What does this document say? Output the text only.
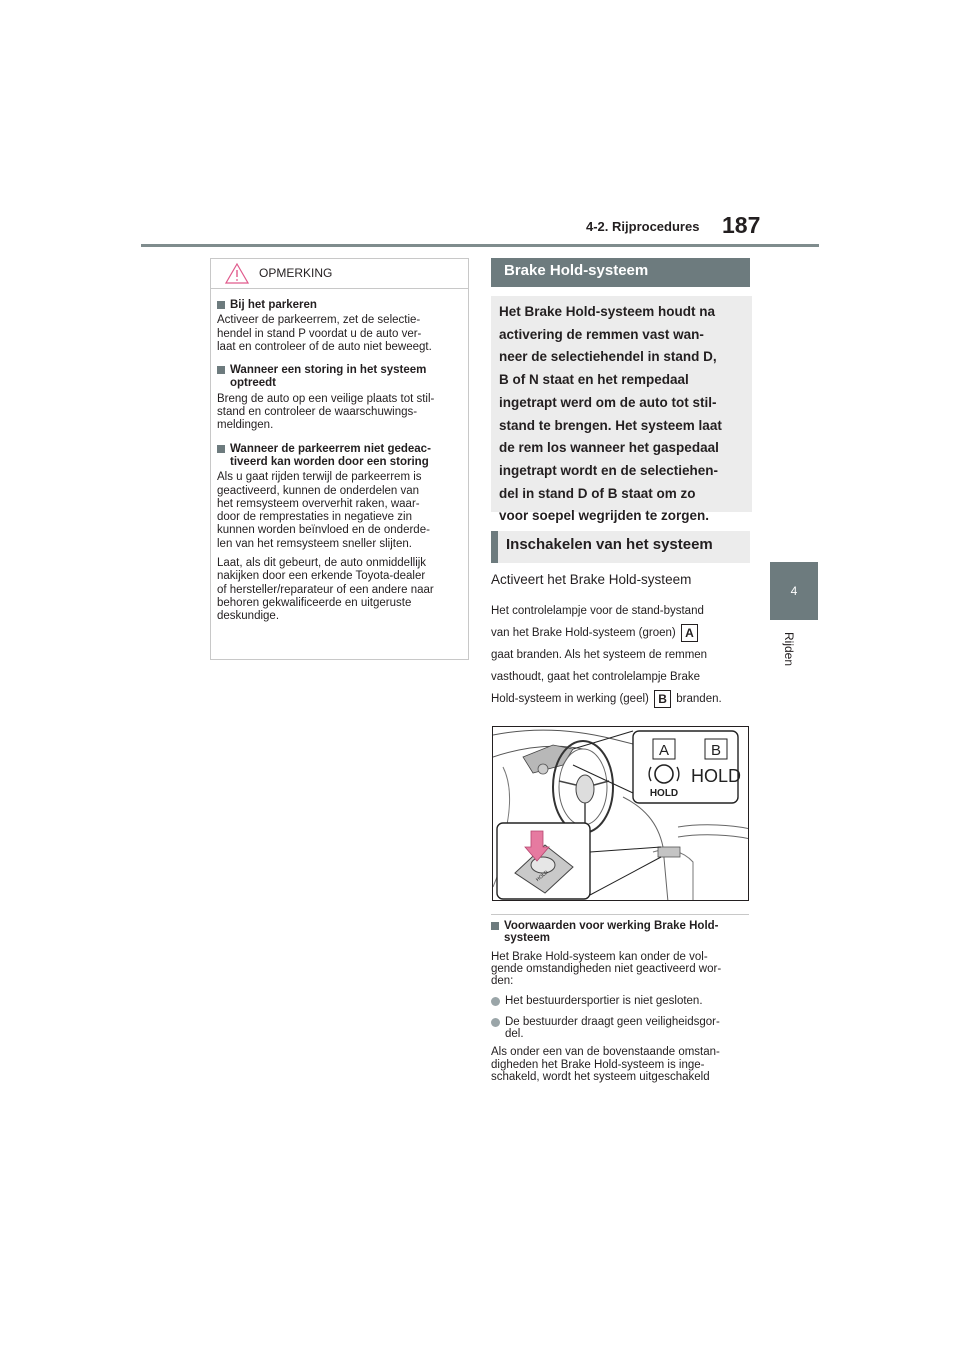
4-2. Rijprocedures 187
4
Rijden
OPMERKING
Bij het parkeren
Activeer de parkeerrem, zet de selectie-
hendel in stand P voordat u de auto ver-
laat en controleer of de auto niet beweegt.
Wanneer een storing in het systeem
optreedt
Breng de auto op een veilige plaats tot stil-
stand en controleer de waarschuwings-
meldingen.
Wanneer de parkeerrem niet gedeac-
tiveerd kan worden door een storing
Als u gaat rijden terwijl de parkeerrem is
geactiveerd, kunnen de onderdelen van
het remsysteem oververhit raken, waar-
door de remprestaties in negatieve zin
kunnen worden beïnvloed en de onderde-
len van het remsysteem sneller slijten.
Laat, als dit gebeurt, de auto onmiddellijk
nakijken door een erkende Toyota-dealer
of hersteller/reparateur of een andere naar
behoren gekwalificeerde en uitgeruste
deskundige.
Brake Hold-systeem
Het Brake Hold-systeem houdt na
activering de remmen vast wan-
neer de selectiehendel in stand D,
B of N staat en het rempedaal
ingetrapt werd om de auto tot stil-
stand te brengen. Het systeem laat
de rem los wanneer het gaspedaal
ingetrapt wordt en de selectiehen-
del in stand D of B staat om zo
voor soepel wegrijden te zorgen.
Inschakelen van het systeem
Activeert het Brake Hold-systeem
Het controlelampje voor de stand-bystand
van het Brake Hold-systeem (groen) A
gaat branden. Als het systeem de remmen
vasthoudt, gaat het controlelampje Brake
Hold-systeem in werking (geel) B branden.
A	B
HOLD
HOLD
HOLD
Voorwaarden voor werking Brake Hold-
systeem
Het Brake Hold-systeem kan onder de vol-
gende omstandigheden niet geactiveerd wor-
den:
Het bestuurdersportier is niet gesloten.
De bestuurder draagt geen veiligheidsgor-
del.
Als onder een van de bovenstaande omstan-
digheden het Brake Hold-systeem is inge-
schakeld, wordt het systeem uitgeschakeld
